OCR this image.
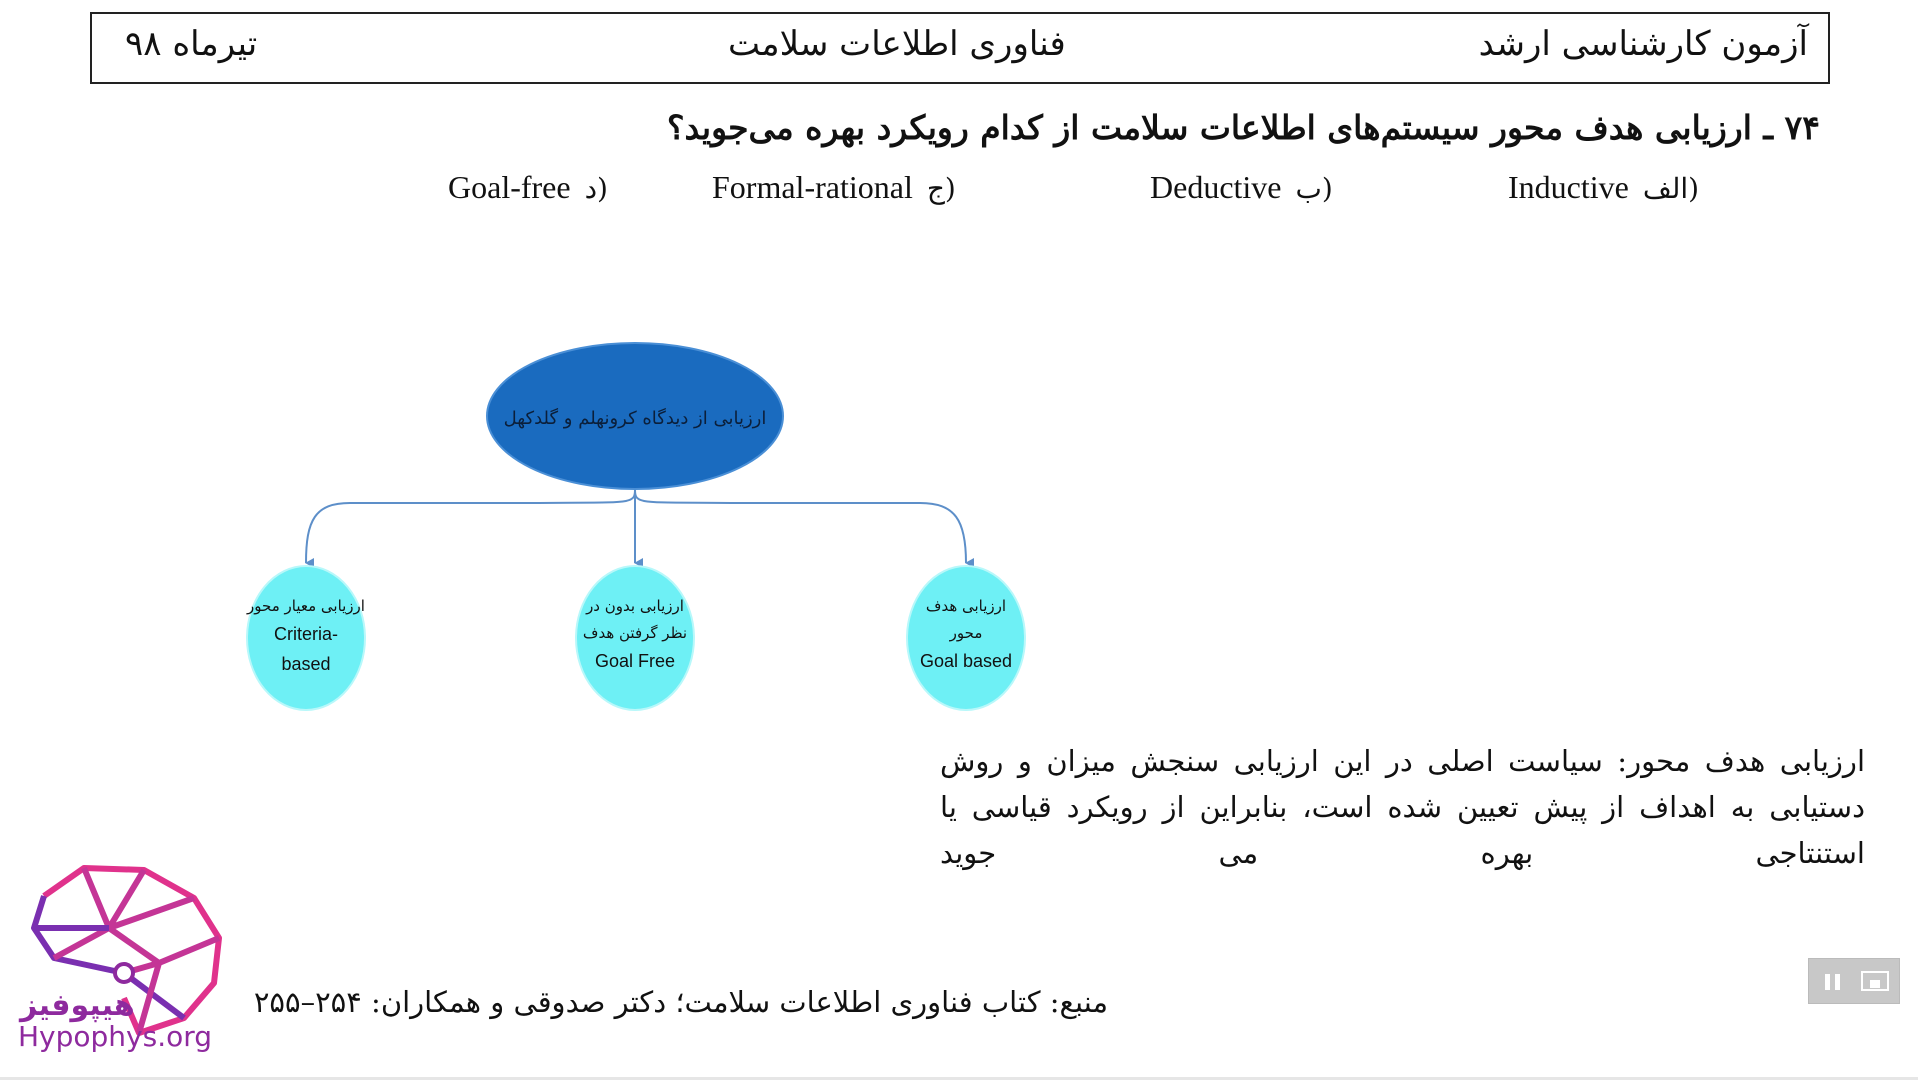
آزمون کارشناسی ارشد
فناوری اطلاعات سلامت
تیرماه ۹۸
۷۴ ـ ارزیابی هدف محور سیستم‌های اطلاعات سلامت از کدام رویکرد بهره می‌جوید؟
Inductive الف)
Deductive ب)
Formal-rational ج)
Goal-free د)
ارزیابی از دیدگاه کرونهلم و گلدکهل
ارزیابی هدف محور
Goal based
ارزیابی بدون در نظر گرفتن هدف
Goal Free
ارزیابی معیار محور
Criteria-based
ارزیابی هدف محور: سیاست اصلی در این ارزیابی سنجش میزان و روش دستیابی به اهداف از پیش تعیین شده است، بنابراین از رویکرد قیاسی یا استنتاجی بهره می جوید
منبع: کتاب فناوری اطلاعات سلامت؛ دکتر صدوقی و همکاران: ۲۵۴–۲۵۵
هیپوفیز
Hypophys.org
